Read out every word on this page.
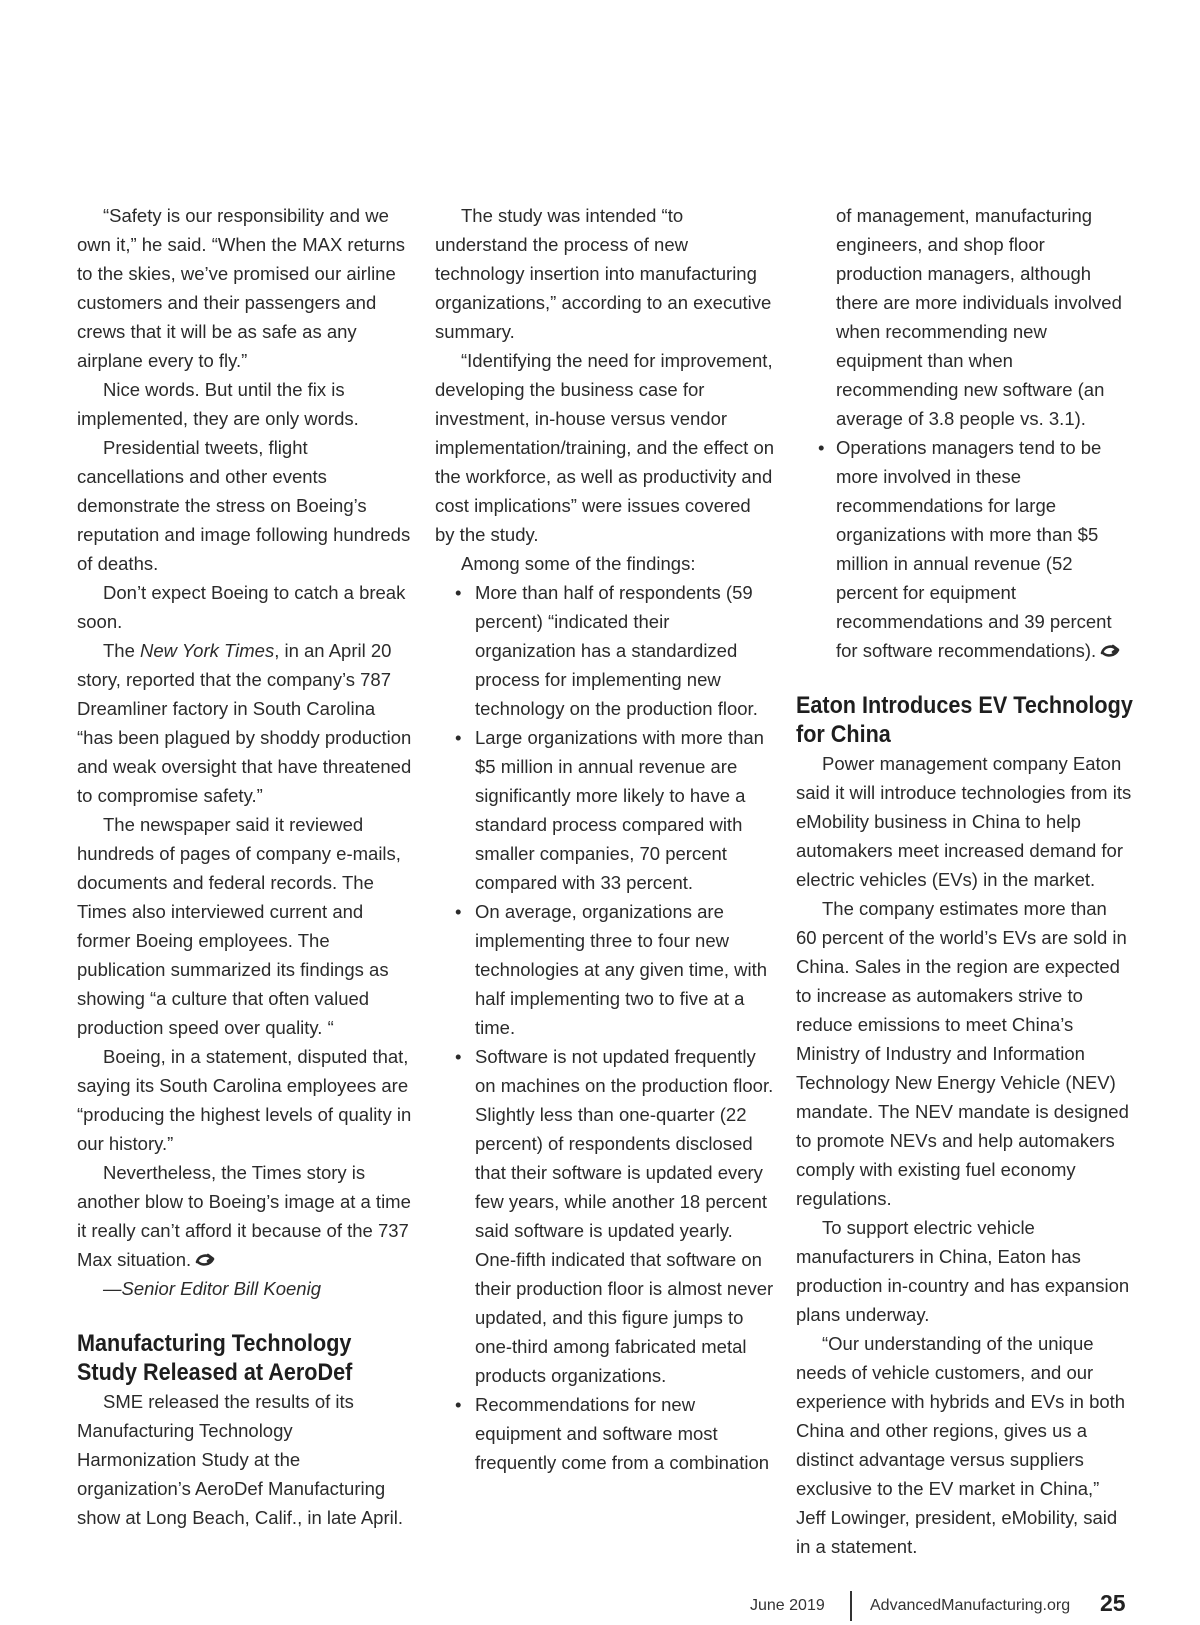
“Safety is our responsibility and we own it,” he said. “When the MAX returns to the skies, we’ve promised our airline customers and their passengers and crews that it will be as safe as any airplane every to fly.”

Nice words. But until the fix is implemented, they are only words.

Presidential tweets, flight cancellations and other events demonstrate the stress on Boeing’s reputation and image following hundreds of deaths.

Don’t expect Boeing to catch a break soon.

The New York Times, in an April 20 story, reported that the company’s 787 Dreamliner factory in South Carolina “has been plagued by shoddy production and weak oversight that have threatened to compromise safety.”

The newspaper said it reviewed hundreds of pages of company e-mails, documents and federal records. The Times also interviewed current and former Boeing employees. The publication summarized its findings as showing “a culture that often valued production speed over quality. “

Boeing, in a statement, disputed that, saying its South Carolina employees are “producing the highest levels of quality in our history.”

Nevertheless, the Times story is another blow to Boeing’s image at a time it really can’t afford it because of the 737 Max situation.

—Senior Editor Bill Koenig

Manufacturing Technology Study Released at AeroDef

SME released the results of its Manufacturing Technology Harmonization Study at the organization’s AeroDef Manufacturing show at Long Beach, Calif., in late April.

The study was intended “to understand the process of new technology insertion into manufacturing organizations,” according to an executive summary.

“Identifying the need for improvement, developing the business case for investment, in-house versus vendor implementation/training, and the effect on the workforce, as well as productivity and cost implications” were issues covered by the study.

Among some of the findings:

• More than half of respondents (59 percent) “indicated their organization has a standardized process for implementing new technology on the production floor.
• Large organizations with more than $5 million in annual revenue are significantly more likely to have a standard process compared with smaller companies, 70 percent compared with 33 percent.
• On average, organizations are implementing three to four new technologies at any given time, with half implementing two to five at a time.
• Software is not updated frequently on machines on the production floor. Slightly less than one-quarter (22 percent) of respondents disclosed that their software is updated every few years, while another 18 percent said software is updated yearly. One-fifth indicated that software on their production floor is almost never updated, and this figure jumps to one-third among fabricated metal products organizations.
• Recommendations for new equipment and software most frequently come from a combination

of management, manufacturing engineers, and shop floor production managers, although there are more individuals involved when recommending new equipment than when recommending new software (an average of 3.8 people vs. 3.1).

• Operations managers tend to be more involved in these recommendations for large organizations with more than $5 million in annual revenue (52 percent for equipment recommendations and 39 percent for software recommendations).
Eaton Introduces EV Technology for China

Power management company Eaton said it will introduce technologies from its eMobility business in China to help automakers meet increased demand for electric vehicles (EVs) in the market.

The company estimates more than 60 percent of the world’s EVs are sold in China. Sales in the region are expected to increase as automakers strive to reduce emissions to meet China’s Ministry of Industry and Information Technology New Energy Vehicle (NEV) mandate. The NEV mandate is designed to promote NEVs and help automakers comply with existing fuel economy regulations.

To support electric vehicle manufacturers in China, Eaton has production in-country and has expansion plans underway.

“Our understanding of the unique needs of vehicle customers, and our experience with hybrids and EVs in both China and other regions, gives us a distinct advantage versus suppliers exclusive to the EV market in China,” Jeff Lowinger, president, eMobility, said in a statement.

June 2019	AdvancedManufacturing.org 25
